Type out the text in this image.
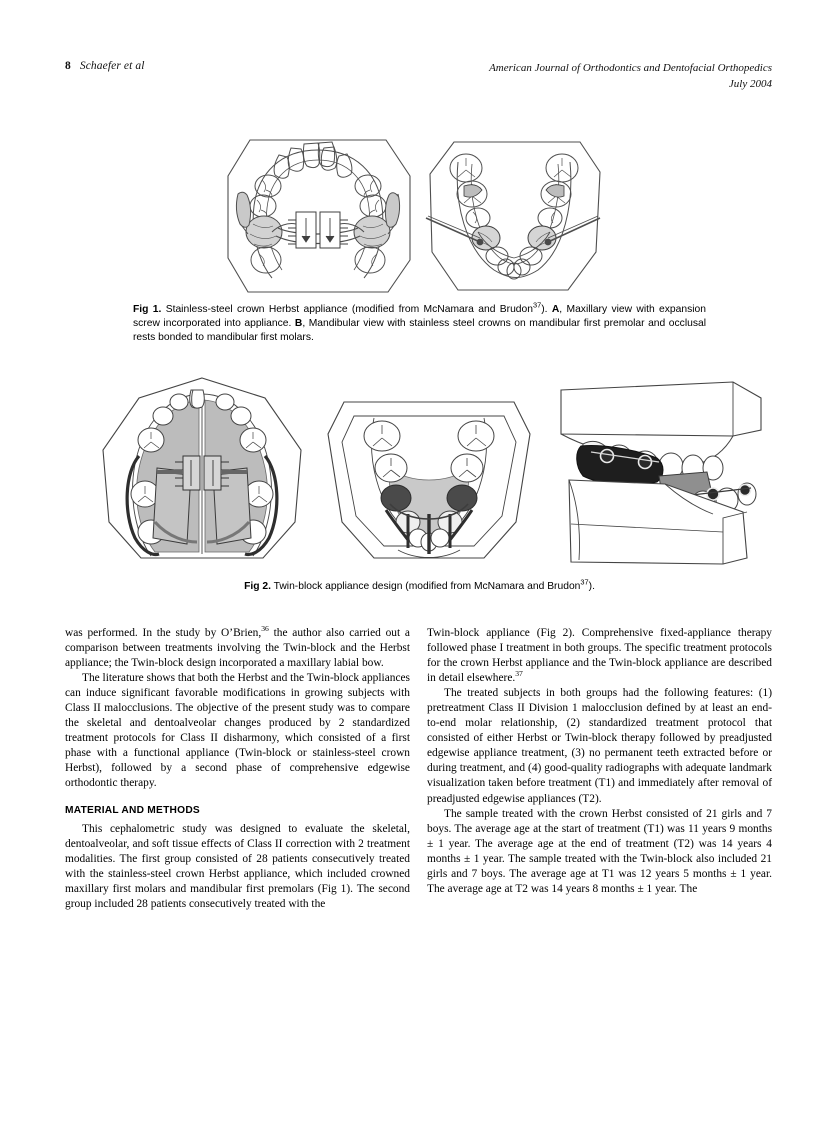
8 Schaefer et al	American Journal of Orthodontics and Dentofacial Orthopedics
July 2004
Fig 1. Stainless-steel crown Herbst appliance (modified from McNamara and Brudon$^{37}$). A, Maxillary view with expansion screw incorporated into appliance. B, Mandibular view with stainless steel crowns on mandibular first premolar and occlusal rests bonded to mandibular first molars.
Fig 2. Twin-block appliance design (modified from McNamara and Brudon$^{37}$).

was performed. In the study by O’Brien,$^{36}$ the author also carried out a comparison between treatments involving the Twin-block and the Herbst appliance; the Twin-block design incorporated a maxillary labial bow.

The literature shows that both the Herbst and the Twin-block appliances can induce significant favorable modifications in growing subjects with Class II malocclusions. The objective of the present study was to compare the skeletal and dentoalveolar changes produced by 2 standardized treatment protocols for Class II disharmony, which consisted of a first phase with a functional appliance (Twin-block or stainless-steel crown Herbst), followed by a second phase of comprehensive edgewise orthodontic therapy.

MATERIAL AND METHODS

This cephalometric study was designed to evaluate the skeletal, dentoalveolar, and soft tissue effects of Class II correction with 2 treatment modalities. The first group consisted of 28 patients consecutively treated with the stainless-steel crown Herbst appliance, which included crowned maxillary first molars and mandibular first premolars (Fig 1). The second group included 28 patients consecutively treated with the

Twin-block appliance (Fig 2). Comprehensive fixed-appliance therapy followed phase I treatment in both groups. The specific treatment protocols for the crown Herbst appliance and the Twin-block appliance are described in detail elsewhere.$^{37}$

The treated subjects in both groups had the following features: (1) pretreatment Class II Division 1 malocclusion defined by at least an end-to-end molar relationship, (2) standardized treatment protocol that consisted of either Herbst or Twin-block therapy followed by preadjusted edgewise appliance treatment, (3) no permanent teeth extracted before or during treatment, and (4) good-quality radiographs with adequate landmark visualization taken before treatment (T1) and immediately after removal of preadjusted edgewise appliances (T2).

The sample treated with the crown Herbst consisted of 21 girls and 7 boys. The average age at the start of treatment (T1) was 11 years 9 months ± 1 year. The average age at the end of treatment (T2) was 14 years 4 months ± 1 year. The sample treated with the Twin-block also included 21 girls and 7 boys. The average age at T1 was 12 years 5 months ± 1 year. The average age at T2 was 14 years 8 months ± 1 year. The
